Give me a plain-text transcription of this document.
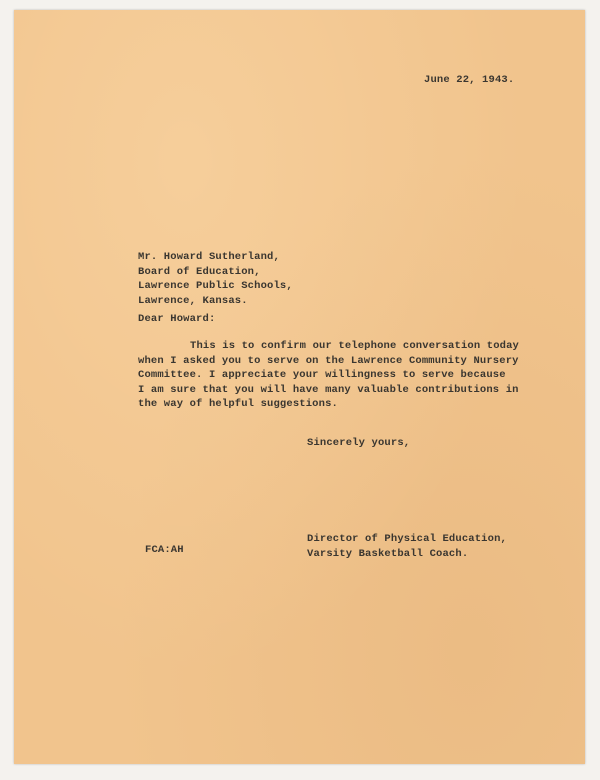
June 22, 1943.
Mr. Howard Sutherland,
Board of Education,
Lawrence Public Schools,
Lawrence, Kansas.
Dear Howard:
This is to confirm our telephone conversation today
when I asked you to serve on the Lawrence Community Nursery
Committee. I appreciate your willingness to serve because
I am sure that you will have many valuable contributions in
the way of helpful suggestions.
Sincerely yours,
Director of Physical Education,
Varsity Basketball Coach.
FCA:AH
